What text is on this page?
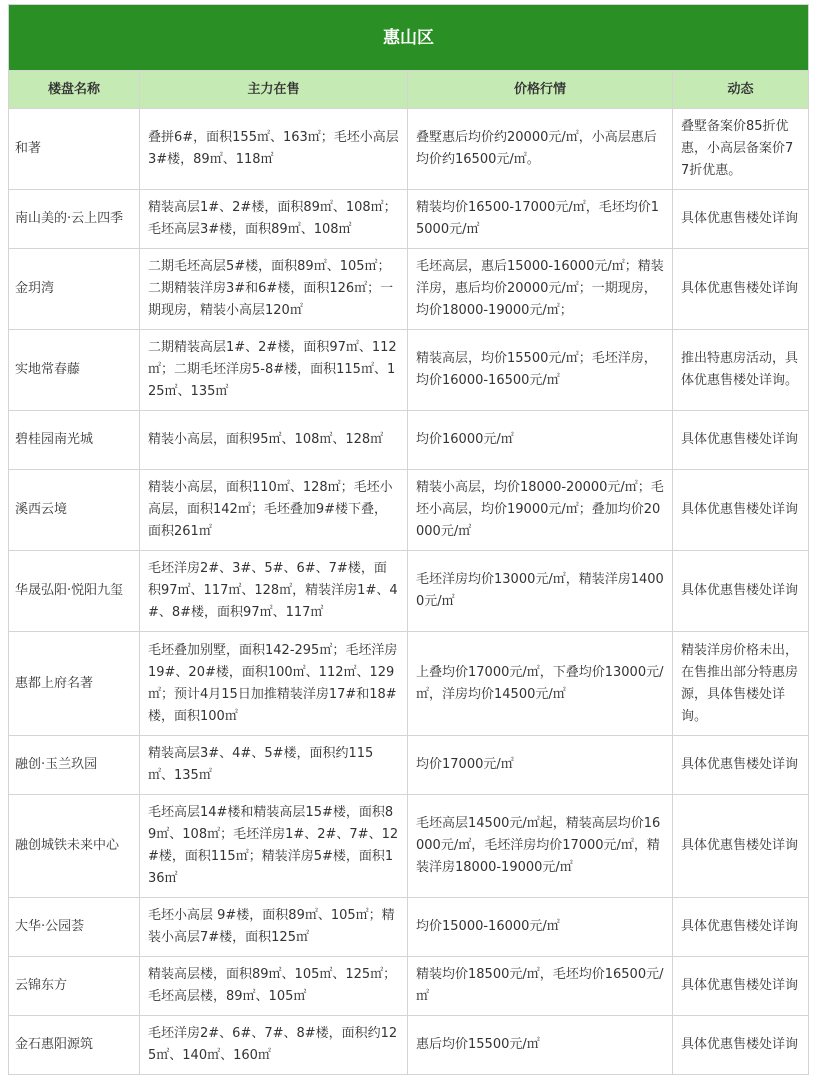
惠山区			
楼盘名称	主力在售	价格行情	动态
和著	叠拼6#，面积155㎡、163㎡；毛坯小高层3#楼，89㎡、118㎡	叠墅惠后均价约20000元/㎡，小高层惠后均价约16500元/㎡。	叠墅备案价85折优惠，小高层备案价77折优惠。
南山美的·云上四季	精装高层1#、2#楼，面积89㎡、108㎡；毛坯高层3#楼，面积89㎡、108㎡	精装均价16500-17000元/㎡，毛坯均价15000元/㎡	具体优惠售楼处详询
金玥湾	二期毛坯高层5#楼，面积89㎡、105㎡；二期精装洋房3#和6#楼，面积126㎡；一期现房，精装小高层120㎡	毛坯高层，惠后15000-16000元/㎡；精装洋房，惠后均价20000元/㎡；一期现房，均价18000-19000元/㎡；	具体优惠售楼处详询
实地常春藤	二期精装高层1#、2#楼，面积97㎡、112㎡；二期毛坯洋房5-8#楼，面积115㎡、125㎡、135㎡	精装高层，均价15500元/㎡；毛坯洋房，均价16000-16500元/㎡	推出特惠房活动，具体优惠售楼处详询。
碧桂园南光城	精装小高层，面积95㎡、108㎡、128㎡	均价16000元/㎡	具体优惠售楼处详询
溪西云境	精装小高层，面积110㎡、128㎡；毛坯小高层，面积142㎡；毛坯叠加9#楼下叠，面积261㎡	精装小高层，均价18000-20000元/㎡；毛坯小高层，均价19000元/㎡；叠加均价20000元/㎡	具体优惠售楼处详询
华晟弘阳·悦阳九玺	毛坯洋房2#、3#、5#、6#、7#楼，面积97㎡、117㎡、128㎡，精装洋房1#、4#、8#楼，面积97㎡、117㎡	毛坯洋房均价13000元/㎡，精装洋房14000元/㎡	具体优惠售楼处详询
惠都上府名著	毛坯叠加别墅，面积142-295㎡；毛坯洋房19#、20#楼，面积100㎡、112㎡、129㎡；预计4月15日加推精装洋房17#和18#楼，面积100㎡	上叠均价17000元/㎡，下叠均价13000元/㎡，洋房均价14500元/㎡	精装洋房价格未出，在售推出部分特惠房源，具体售楼处详询。
融创·玉兰玖园	精装高层3#、4#、5#楼，面积约115㎡、135㎡	均价17000元/㎡	具体优惠售楼处详询
融创城铁未来中心	毛坯高层14#楼和精装高层15#楼，面积89㎡、108㎡；毛坯洋房1#、2#、7#、12#楼，面积115㎡；精装洋房5#楼，面积136㎡	毛坯高层14500元/㎡起，精装高层均价16000元/㎡，毛坯洋房均价17000元/㎡，精装洋房18000-19000元/㎡	具体优惠售楼处详询
大华·公园荟	毛坯小高层 9#楼，面积89㎡、105㎡；精装小高层7#楼，面积125㎡	均价15000-16000元/㎡	具体优惠售楼处详询
云锦东方	精装高层楼，面积89㎡、105㎡、125㎡；毛坯高层楼，89㎡、105㎡	精装均价18500元/㎡，毛坯均价16500元/㎡	具体优惠售楼处详询
金石惠阳源筑	毛坯洋房2#、6#、7#、8#楼，面积约125㎡、140㎡、160㎡	惠后均价15500元/㎡	具体优惠售楼处详询
